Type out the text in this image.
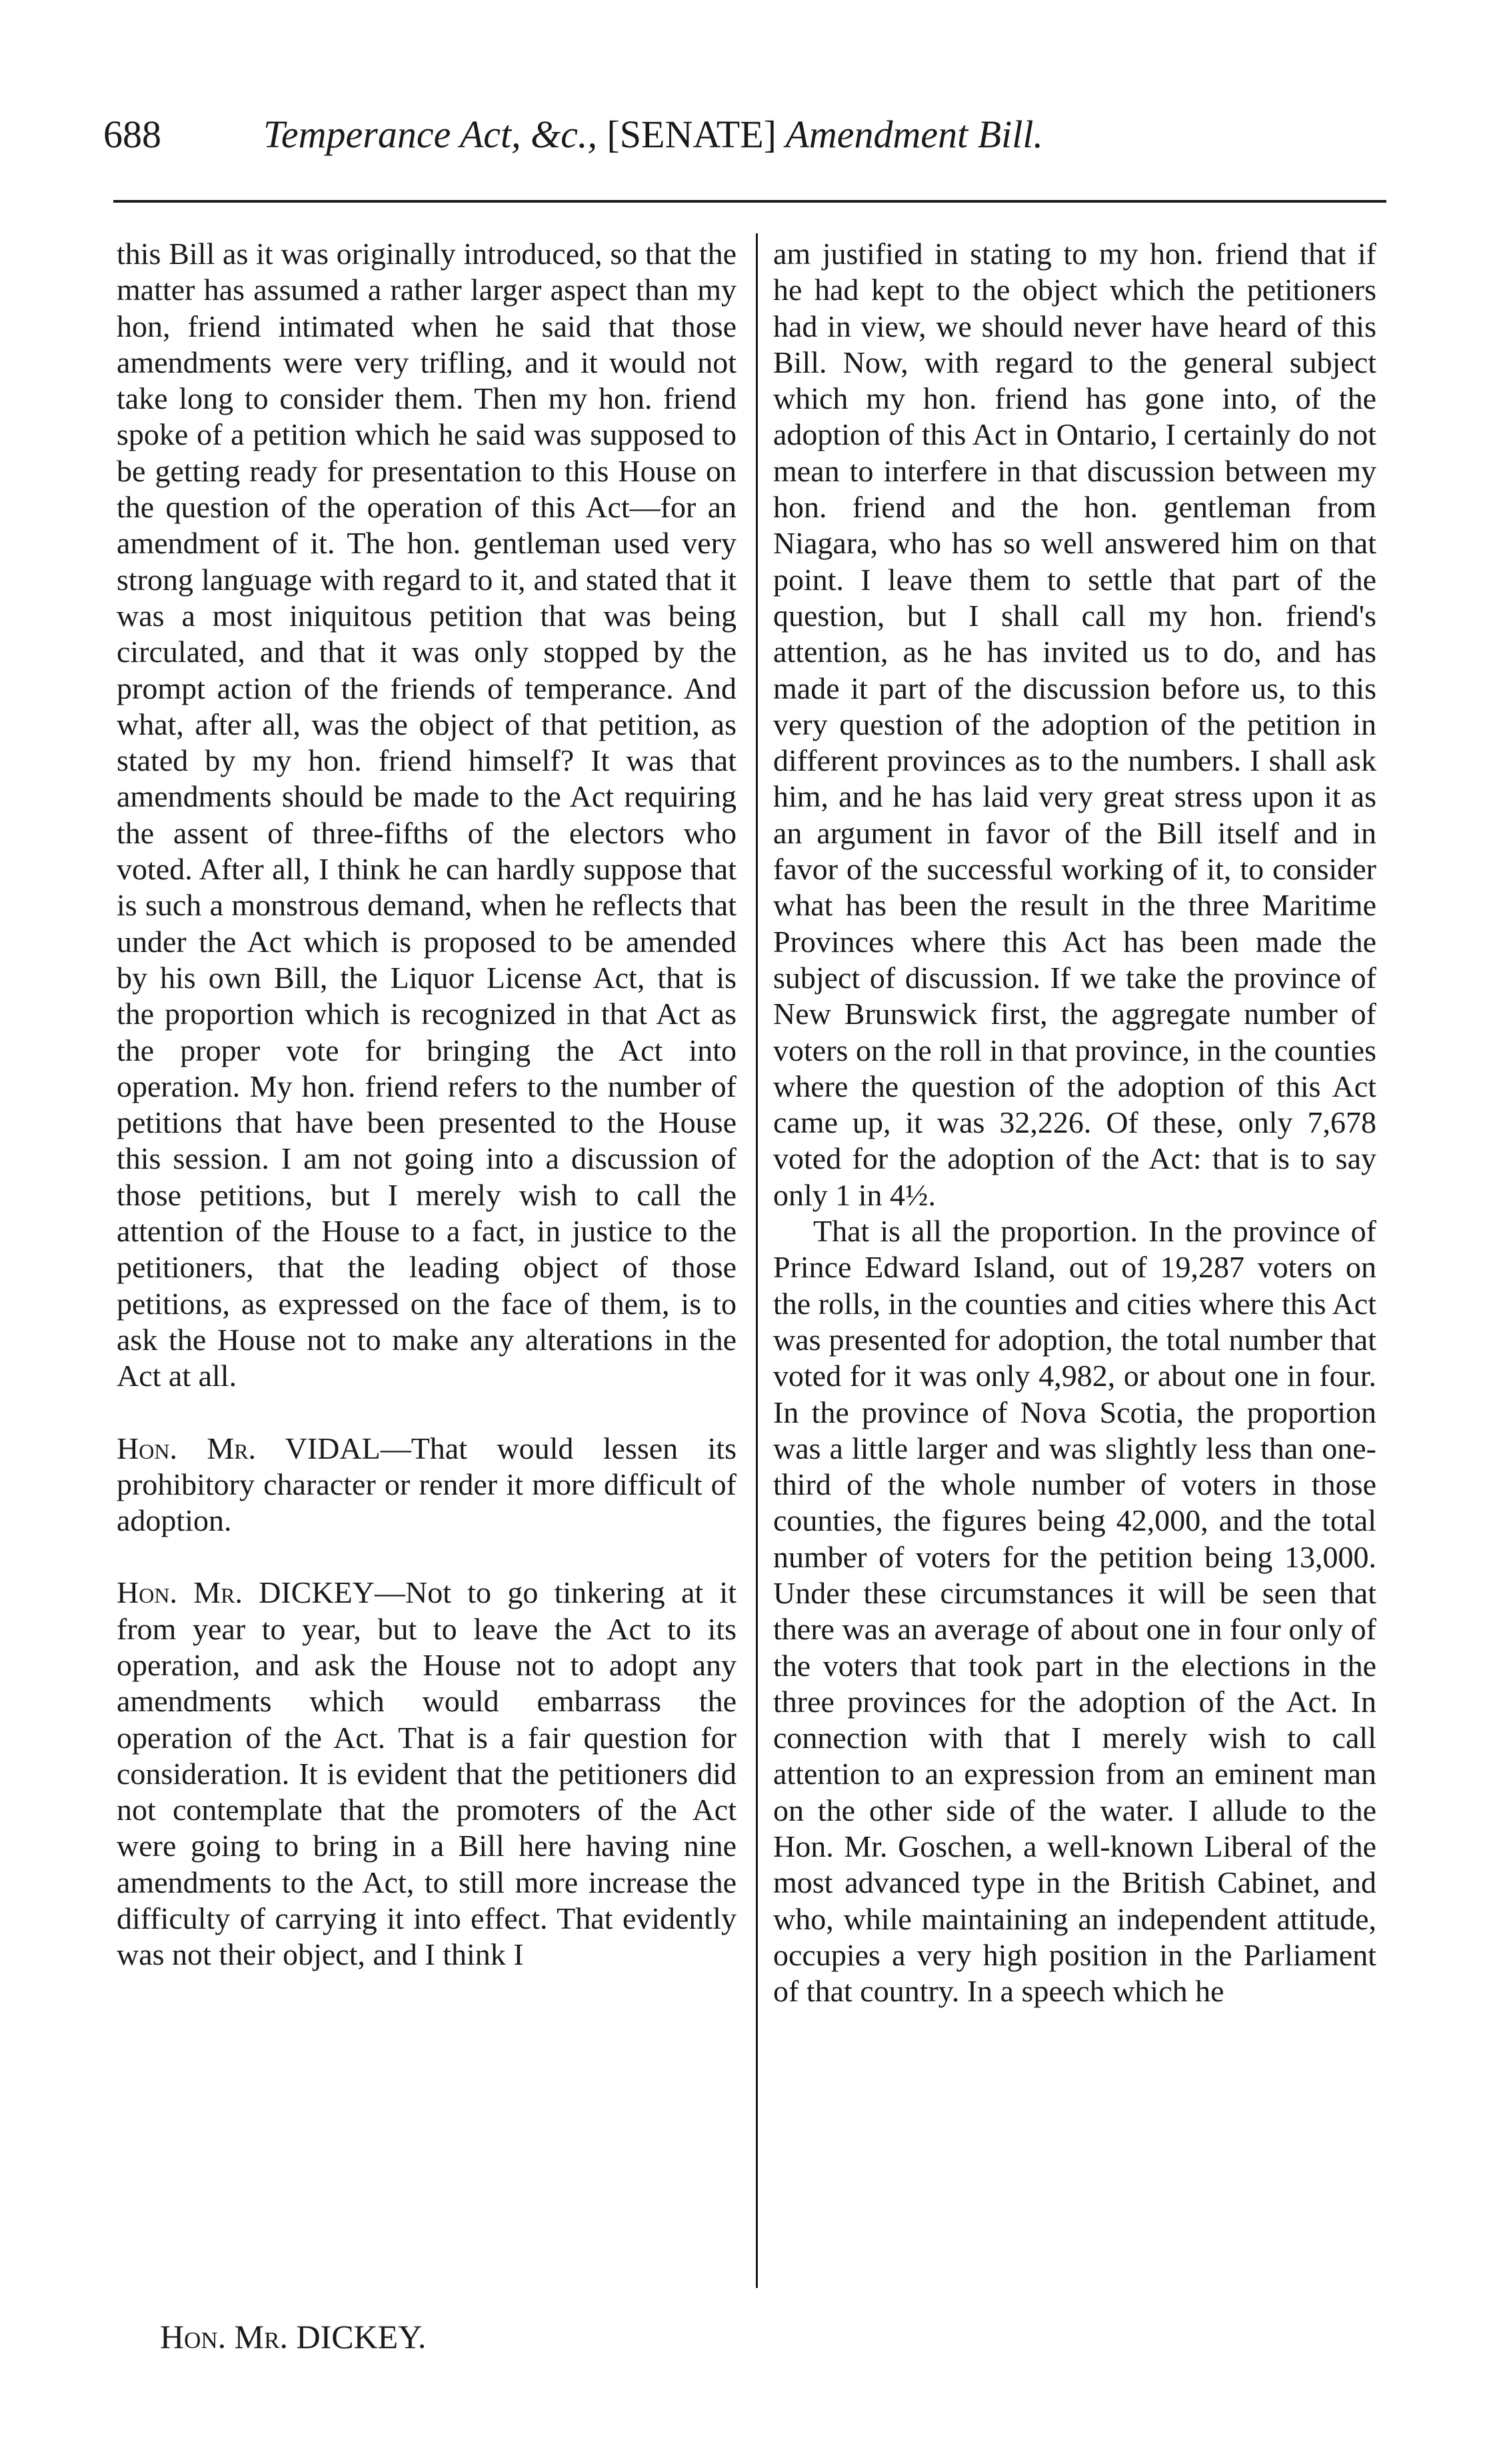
688	Temperance Act, &c., [SENATE] Amendment Bill.

this Bill as it was originally introduced, so that the matter has assumed a rather larger aspect than my hon, friend intimated when he said that those amendments were very trifling, and it would not take long to consider them. Then my hon. friend spoke of a petition which he said was supposed to be getting ready for presentation to this House on the question of the operation of this Act—for an amendment of it. The hon. gentleman used very strong language with regard to it, and stated that it was a most iniquitous petition that was being circulated, and that it was only stopped by the prompt action of the friends of temperance. And what, after all, was the object of that petition, as stated by my hon. friend himself? It was that amendments should be made to the Act requiring the assent of three-fifths of the electors who voted. After all, I think he can hardly suppose that is such a monstrous demand, when he reflects that under the Act which is proposed to be amended by his own Bill, the Liquor License Act, that is the proportion which is recognized in that Act as the proper vote for bringing the Act into operation. My hon. friend refers to the number of petitions that have been presented to the House this session. I am not going into a discussion of those petitions, but I merely wish to call the attention of the House to a fact, in justice to the petitioners, that the leading object of those petitions, as expressed on the face of them, is to ask the House not to make any alterations in the Act at all.

Hon. Mr. VIDAL—That would lessen its prohibitory character or render it more difficult of adoption.

Hon. Mr. DICKEY—Not to go tinkering at it from year to year, but to leave the Act to its operation, and ask the House not to adopt any amendments which would embarrass the operation of the Act. That is a fair question for consideration. It is evident that the petitioners did not contemplate that the promoters of the Act were going to bring in a Bill here having nine amendments to the Act, to still more increase the difficulty of carrying it into effect. That evidently was not their object, and I think I

am justified in stating to my hon. friend that if he had kept to the object which the petitioners had in view, we should never have heard of this Bill. Now, with regard to the general subject which my hon. friend has gone into, of the adoption of this Act in Ontario, I certainly do not mean to interfere in that discussion between my hon. friend and the hon. gentleman from Niagara, who has so well answered him on that point. I leave them to settle that part of the question, but I shall call my hon. friend's attention, as he has invited us to do, and has made it part of the discussion before us, to this very question of the adoption of the petition in different provinces as to the numbers. I shall ask him, and he has laid very great stress upon it as an argument in favor of the Bill itself and in favor of the successful working of it, to consider what has been the result in the three Maritime Provinces where this Act has been made the subject of discussion. If we take the province of New Brunswick first, the aggregate number of voters on the roll in that province, in the counties where the question of the adoption of this Act came up, it was 32,226. Of these, only 7,678 voted for the adoption of the Act: that is to say only 1 in 4½.

That is all the proportion. In the province of Prince Edward Island, out of 19,287 voters on the rolls, in the counties and cities where this Act was presented for adoption, the total number that voted for it was only 4,982, or about one in four. In the province of Nova Scotia, the proportion was a little larger and was slightly less than one-third of the whole number of voters in those counties, the figures being 42,000, and the total number of voters for the petition being 13,000. Under these circumstances it will be seen that there was an average of about one in four only of the voters that took part in the elections in the three provinces for the adoption of the Act. In connection with that I merely wish to call attention to an expression from an eminent man on the other side of the water. I allude to the Hon. Mr. Goschen, a well-known Liberal of the most advanced type in the British Cabinet, and who, while maintaining an independent attitude, occupies a very high position in the Parliament of that country. In a speech which he

Hon. Mr. DICKEY.
